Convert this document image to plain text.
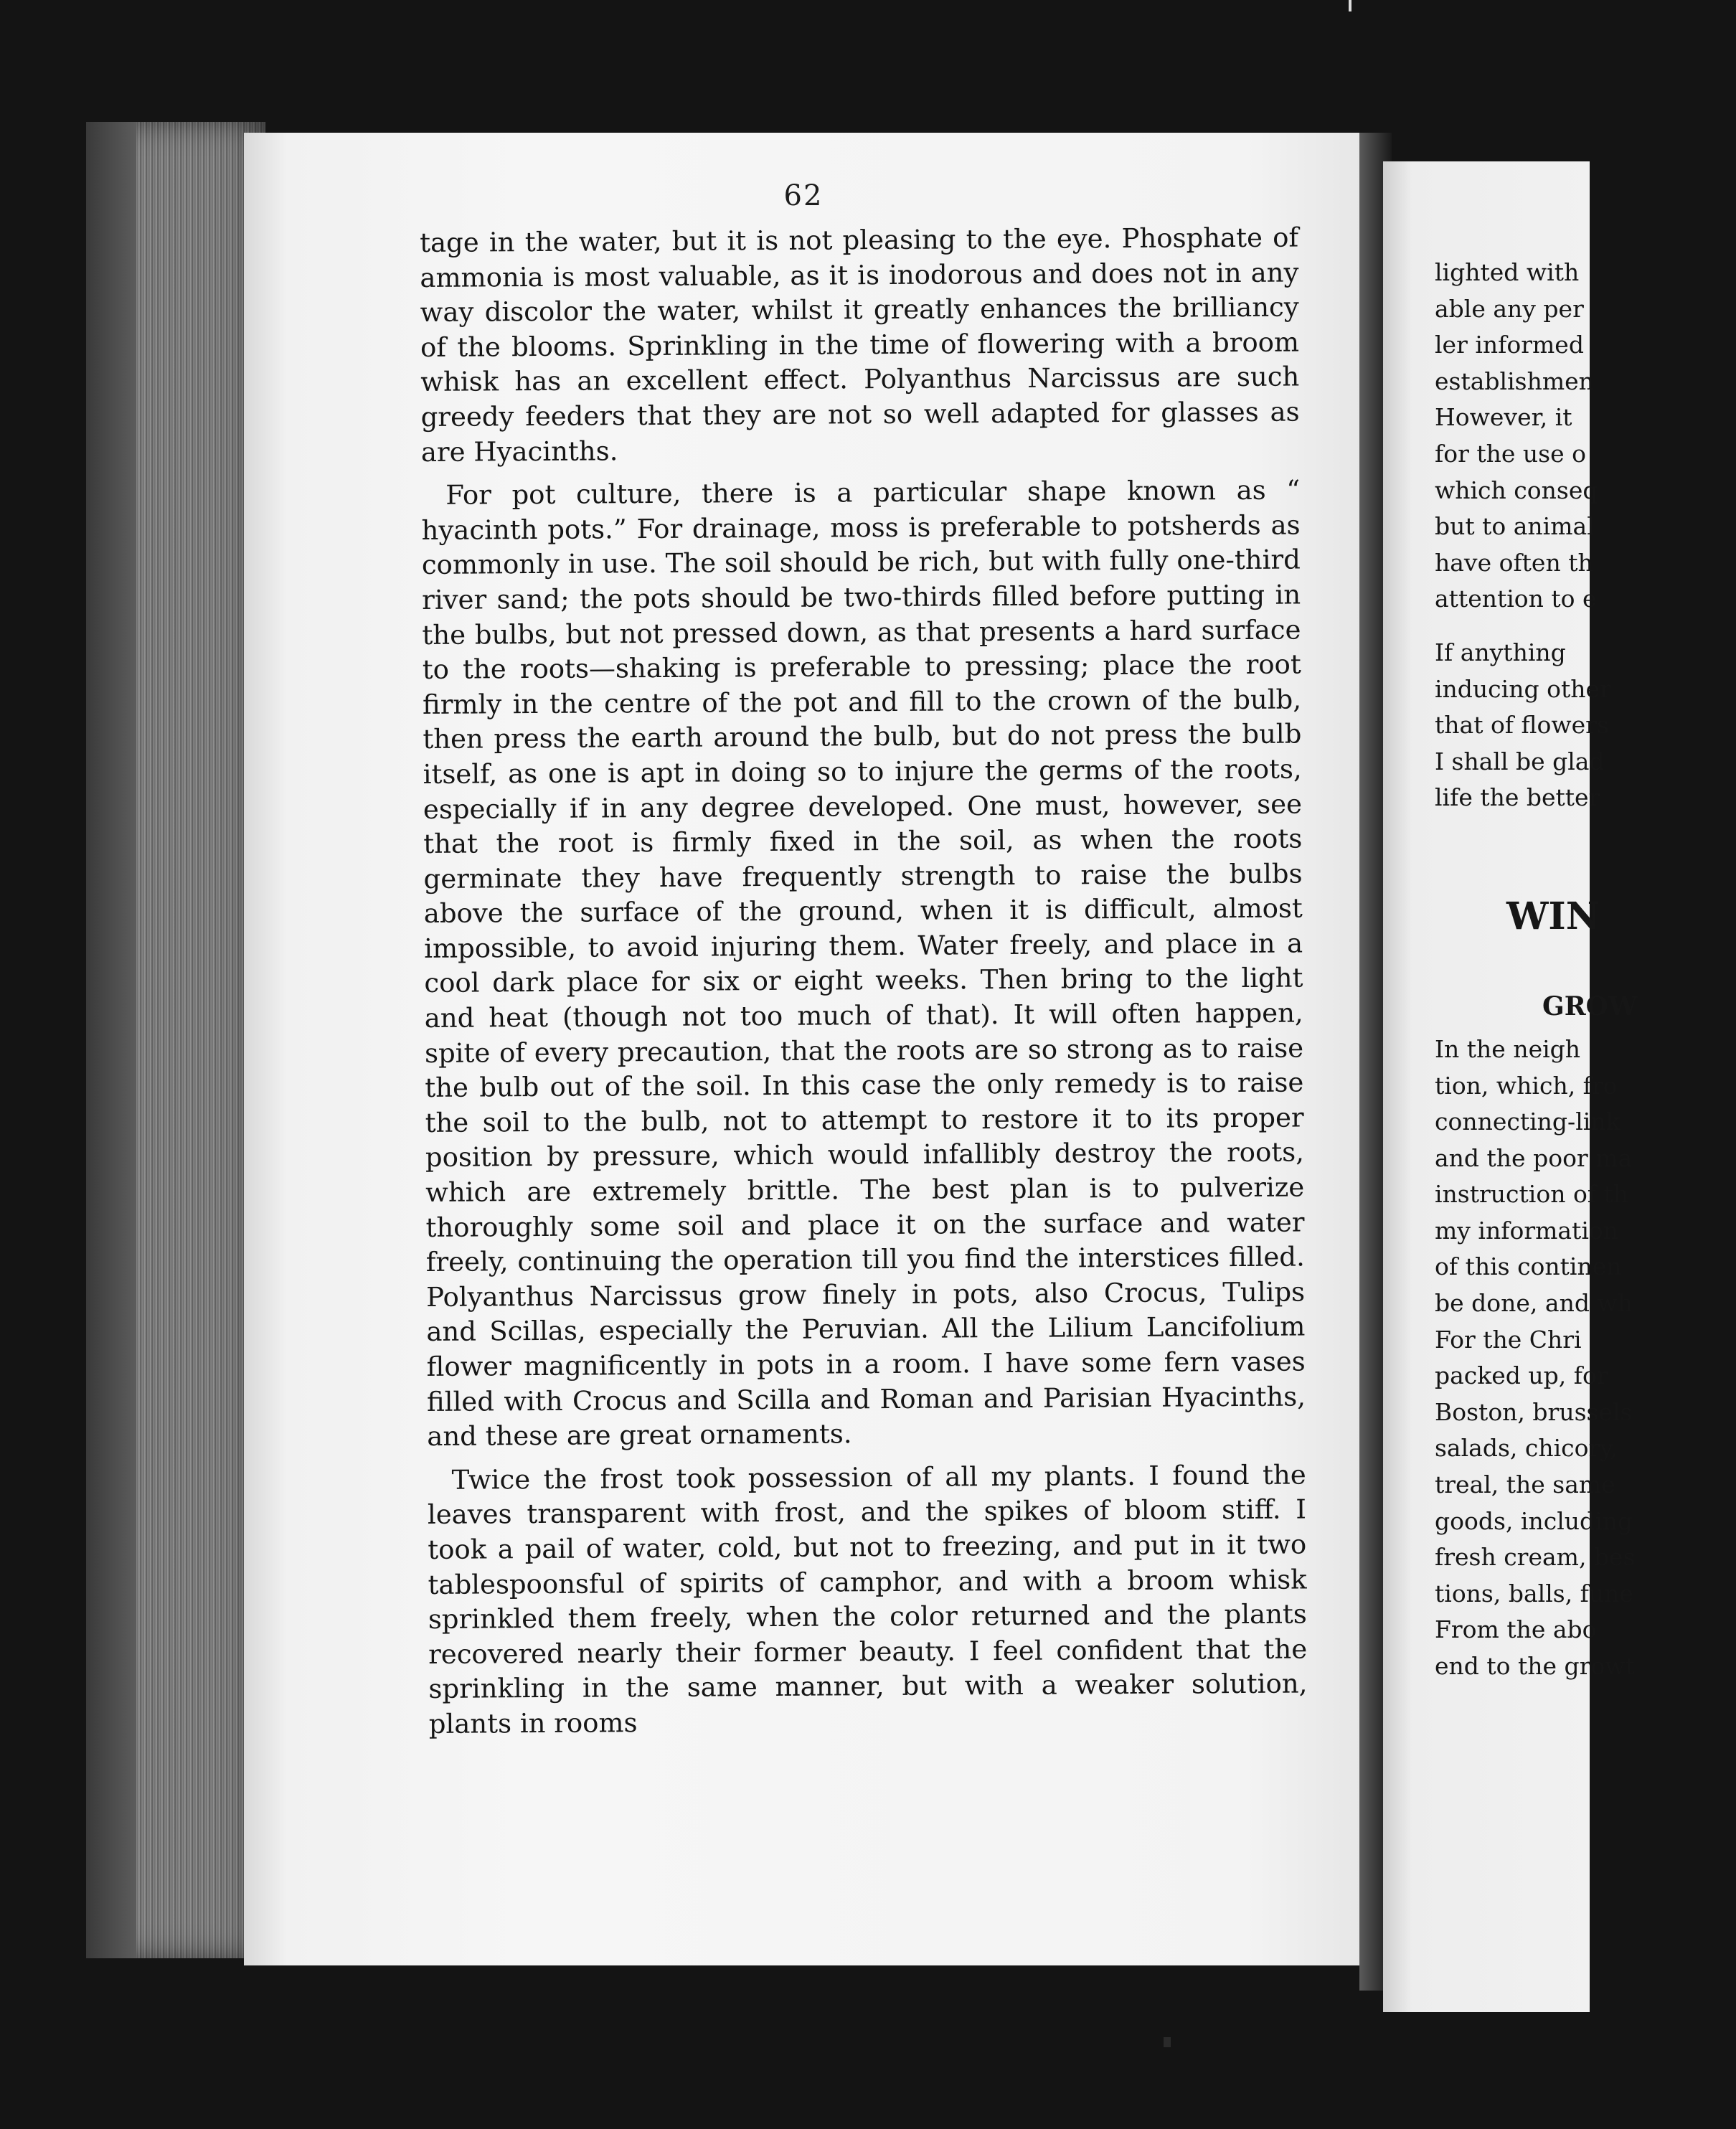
62

tage in the water, but it is not pleasing to the eye. Phosphate of ammonia is most valuable, as it is inodorous and does not in any way discolor the water, whilst it greatly enhances the brilliancy of the blooms. Sprinkling in the time of flowering with a broom whisk has an excellent effect. Polyanthus Narcissus are such greedy feeders that they are not so well adapted for glasses as are Hyacinths.

For pot culture, there is a particular shape known as “ hyacinth pots.” For drainage, moss is preferable to potsherds as commonly in use. The soil should be rich, but with fully one-third river sand; the pots should be two-thirds filled before putting in the bulbs, but not pressed down, as that presents a hard surface to the roots—shaking is preferable to pressing; place the root firmly in the centre of the pot and fill to the crown of the bulb, then press the earth around the bulb, but do not press the bulb itself, as one is apt in doing so to injure the germs of the roots, especially if in any degree developed. One must, however, see that the root is firmly fixed in the soil, as when the roots germinate they have frequently strength to raise the bulbs above the surface of the ground, when it is difficult, almost impossible, to avoid injuring them. Water freely, and place in a cool dark place for six or eight weeks. Then bring to the light and heat (though not too much of that). It will often happen, spite of every precaution, that the roots are so strong as to raise the bulb out of the soil. In this case the only remedy is to raise the soil to the bulb, not to attempt to restore it to its proper position by pressure, which would infallibly destroy the roots, which are extremely brittle. The best plan is to pulverize thoroughly some soil and place it on the surface and water freely, continuing the operation till you find the interstices filled. Polyanthus Narcissus grow finely in pots, also Crocus, Tulips and Scillas, especially the Peruvian. All the Lilium Lancifolium flower magnificently in pots in a room. I have some fern vases filled with Crocus and Scilla and Roman and Parisian Hyacinths, and these are great ornaments.

Twice the frost took possession of all my plants. I found the leaves transparent with frost, and the spikes of bloom stiff. I took a pail of water, cold, but not to freezing, and put in it two tablespoonsful of spirits of camphor, and with a broom whisk sprinkled them freely, when the color returned and the plants recovered nearly their former beauty. I feel confident that the sprinkling in the same manner, but with a weaker solution, plants in rooms

lighted with
able any per
ler informed
establishmen
However, it
for the use o
which conseq
but to animal
have often th
attention to e
If anything
inducing other
that of flowers
I shall be glad
life the better
WIN
GROW
In the neigh
tion, which, fro
connecting-link
and the poor ma
instruction of th
my information
of this continen
be done, and wh
For the Chri
packed up, for
Boston, brussels
salads, chicory,
treal, the same
goods, including
fresh cream, bes
tions, balls, fune
From the abo
end to the growt
